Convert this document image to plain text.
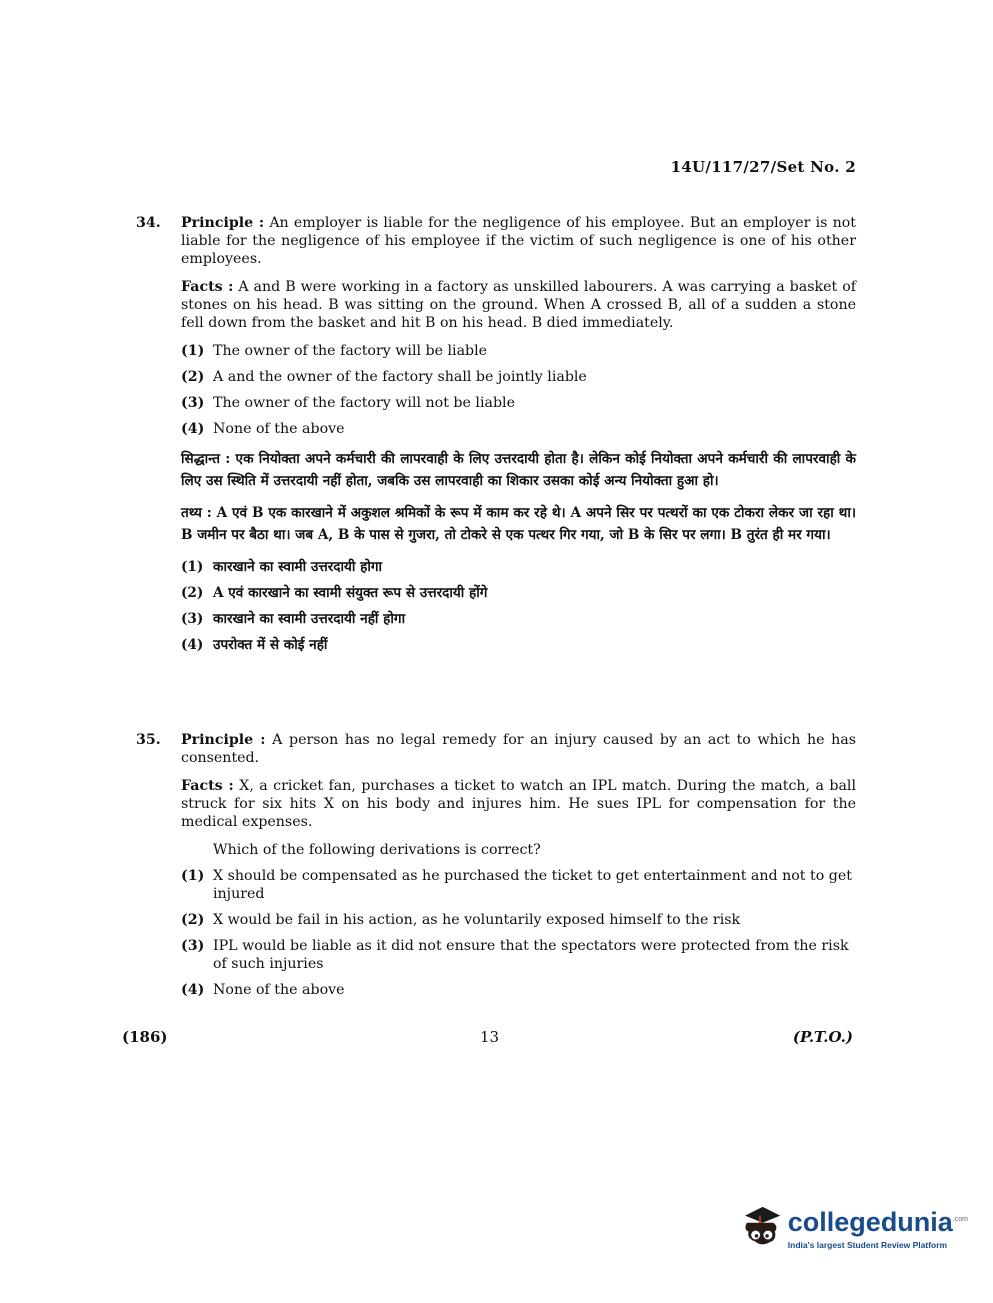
14U/117/27/Set No. 2
34. Principle : An employer is liable for the negligence of his employee. But an employer is not liable for the negligence of his employee if the victim of such negligence is one of his other employees.

Facts : A and B were working in a factory as unskilled labourers. A was carrying a basket of stones on his head. B was sitting on the ground. When A crossed B, all of a sudden a stone fell down from the basket and hit B on his head. B died immediately.

(1) The owner of the factory will be liable
(2) A and the owner of the factory shall be jointly liable
(3) The owner of the factory will not be liable
(4) None of the above

सिद्धान्त : एक नियोक्ता अपने कर्मचारी की लापरवाही के लिए उत्तरदायी होता है। लेकिन कोई नियोक्ता अपने कर्मचारी की लापरवाही के लिए उस स्थिति में उत्तरदायी नहीं होता, जबकि उस लापरवाही का शिकार उसका कोई अन्य नियोक्ता हुआ हो।

तथ्य : A एवं B एक कारखाने में अकुशल श्रमिकों के रूप में काम कर रहे थे। A अपने सिर पर पत्थरों का एक टोकरा लेकर जा रहा था। B जमीन पर बैठा था। जब A, B के पास से गुजरा, तो टोकरे से एक पत्थर गिर गया, जो B के सिर पर लगा। B तुरंत ही मर गया।

(1) कारखाने का स्वामी उत्तरदायी होगा
(2) A एवं कारखाने का स्वामी संयुक्त रूप से उत्तरदायी होंगे
(3) कारखाने का स्वामी उत्तरदायी नहीं होगा
(4) उपरोक्त में से कोई नहीं
35. Principle : A person has no legal remedy for an injury caused by an act to which he has consented.

Facts : X, a cricket fan, purchases a ticket to watch an IPL match. During the match, a ball struck for six hits X on his body and injures him. He sues IPL for compensation for the medical expenses.

Which of the following derivations is correct?

(1) X should be compensated as he purchased the ticket to get entertainment and not to get injured
(2) X would be fail in his action, as he voluntarily exposed himself to the risk
(3) IPL would be liable as it did not ensure that the spectators were protected from the risk of such injuries
(4) None of the above
(186)	13	(P.T.O.)
collegedunia$^{.com}$
India's largest Student Review Platform
